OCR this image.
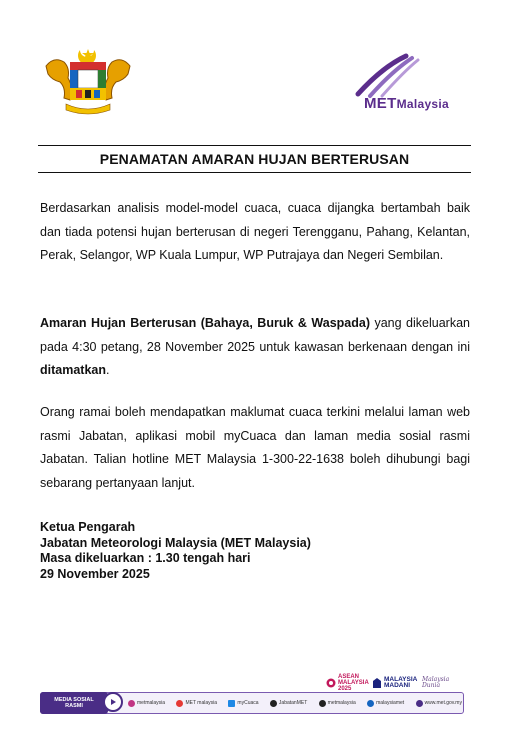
METMalaysia
PENAMATAN AMARAN HUJAN BERTERUSAN
Berdasarkan analisis model-model cuaca, cuaca dijangka bertambah baik dan tiada potensi hujan berterusan di negeri Terengganu, Pahang, Kelantan, Perak, Selangor, WP Kuala Lumpur, WP Putrajaya dan Negeri Sembilan.
Amaran Hujan Berterusan (Bahaya, Buruk & Waspada) yang dikeluarkan pada 4:30 petang, 28 November 2025 untuk kawasan berkenaan dengan ini ditamatkan.
Orang ramai boleh mendapatkan maklumat cuaca terkini melalui laman web rasmi Jabatan, aplikasi mobil myCuaca dan laman media sosial rasmi Jabatan. Talian hotline MET Malaysia 1-300-22-1638 boleh dihubungi bagi sebarang pertanyaan lanjut.
Ketua Pengarah
Jabatan Meteorologi Malaysia (MET Malaysia)
Masa dikeluarkan : 1.30 tengah hari
29 November 2025
ASEAN MALAYSIA 2025
MALAYSIA MADANI
Malaysia Dunia
MEDIA SOSIAL
RASMI	metmalaysia	MET malaysia	myCuaca	JabatanMET	metmalaysia	malaysiamet	www.met.gov.my
